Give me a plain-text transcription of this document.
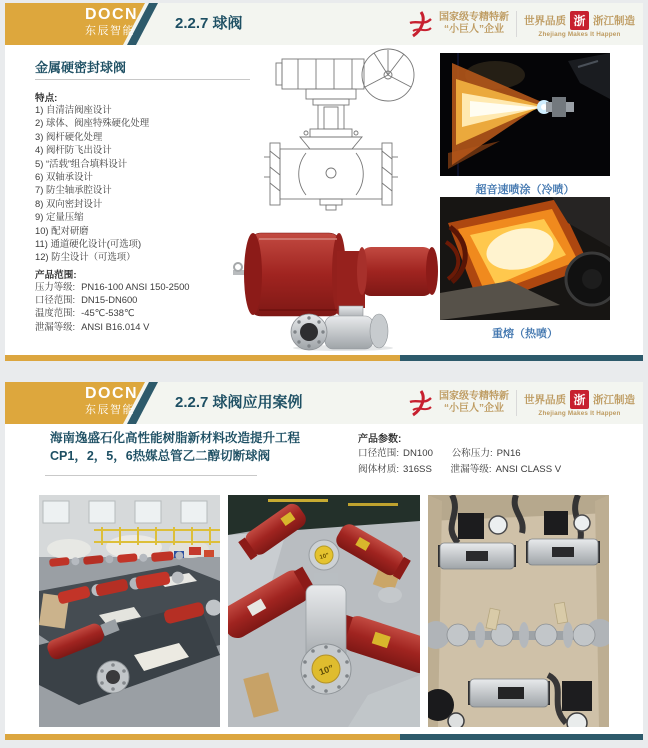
DOCN
东辰智能	2.2.7 球阀	国家级专精特新
“小巨人”企业
世界品质 浙 浙江制造
Zhejiang Makes It Happen
金属硬密封球阀
特点:
1) 自清洁阀座设计
2) 球体、阀座特殊硬化处理
3) 阀杆硬化处理
4) 阀杆防飞出设计
5) “活载”组合填料设计
6) 双轴承设计
7) 防尘轴承腔设计
8) 双向密封设计
9) 定量压缩
10) 配对研磨
11) 通道硬化设计(可选项)
12) 防尘设计（可选项）
产品范围:
压力等级: PN16-100 ANSI 150-2500
口径范围: DN15-DN600
温度范围: -45℃-538℃
泄漏等级: ANSI B16.014 V
超音速喷涂（冷喷）
重熔（热喷）
DOCN
东辰智能	2.2.7 球阀应用案例	国家级专精特新
“小巨人”企业
世界品质 浙 浙江制造
Zhejiang Makes It Happen
海南逸盛石化高性能树脂新材料改造提升工程
CP1，2，5，6热媒总管乙二醇切断球阀
产品参数:
口径范围: DN100 公称压力: PN16
阀体材质: 316SS 泄漏等级: ANSI CLASS V
10”
10”
